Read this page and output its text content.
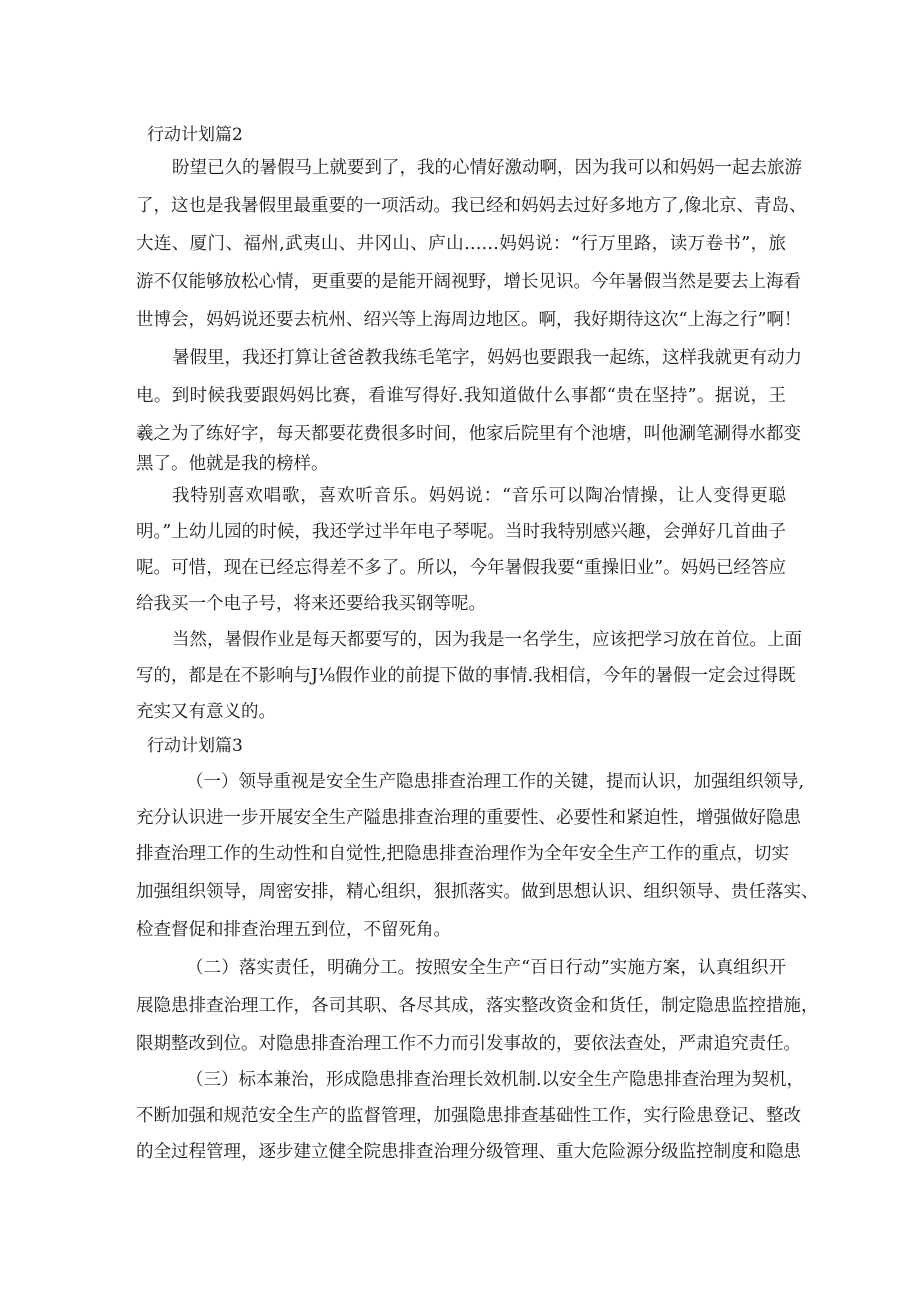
行动计划篇2
盼望已久的暑假马上就要到了，我的心情好激动啊，因为我可以和妈妈一起去旅游
了，这也是我暑假里最重要的一项活动。我已经和妈妈去过好多地方了,像北京、青岛、
大连、厦门、福州,武夷山、井冈山、庐山……妈妈说：“行万里路，读万卷书”，旅
游不仅能够放松心情，更重要的是能开阔视野，增长见识。今年暑假当然是要去上海看
世博会，妈妈说还要去杭州、绍兴等上海周边地区。啊，我好期待这次“上海之行”啊！
暑假里，我还打算让爸爸教我练毛笔字，妈妈也要跟我一起练，这样我就更有动力
电。到时候我要跟妈妈比赛，看谁写得好.我知道做什么事都“贵在坚持”。据说，王
羲之为了练好字，每天都要花费很多时间，他家后院里有个池塘，叫他涮笔涮得水都变
黑了。他就是我的榜样。
我特别喜欢唱歌，喜欢听音乐。妈妈说：“音乐可以陶冶情操，让人变得更聪
明。”上幼儿园的时候，我还学过半年电子琴呢。当时我特别感兴趣，会弹好几首曲子
呢。可惜，现在已经忘得差不多了。所以，今年暑假我要“重操旧业”。妈妈已经答应
给我买一个电子号，将来还要给我买钢等呢。
当然，暑假作业是每天都要写的，因为我是一名学生，应该把学习放在首位。上面
写的，都是在不影响与J⅛假作业的前提下做的事情.我相信，今年的暑假一定会过得既
充实又有意义的。
行动计划篇3
（一）领导重视是安全生产隐患排查治理工作的关键，提而认识，加强组织领导,
充分认识进一步开展安全生产隘患排查治理的重要性、必要性和紧迫性，增强做好隐患
排查治理工作的生动性和自觉性,把隐患排查治理作为全年安全生产工作的重点，切实
加强组织领导，周密安排，精心组织，狠抓落实。做到思想认识、组织领导、贵任落实、
检查督促和排查治理五到位，不留死角。
（二）落实责任，明确分工。按照安全生产“百日行动”实施方案，认真组织开
展隐患排查治理工作，各司其职、各尽其成，落实整改资金和货任，制定隐患监控措施，
限期整改到位。对隐患排査治理工作不力而引发事故的，要依法查处，严肃追究责任。
（三）标本兼治，形成隐患排查治理长效机制.以安全生产隐患排查治理为契机，
不断加强和规范安全生产的监督管理，加强隐患排查基础性工作，实行险患登记、整改
的全过程管理，逐步建立健全院患排查治理分级管理、重大危险源分级监控制度和隐患
